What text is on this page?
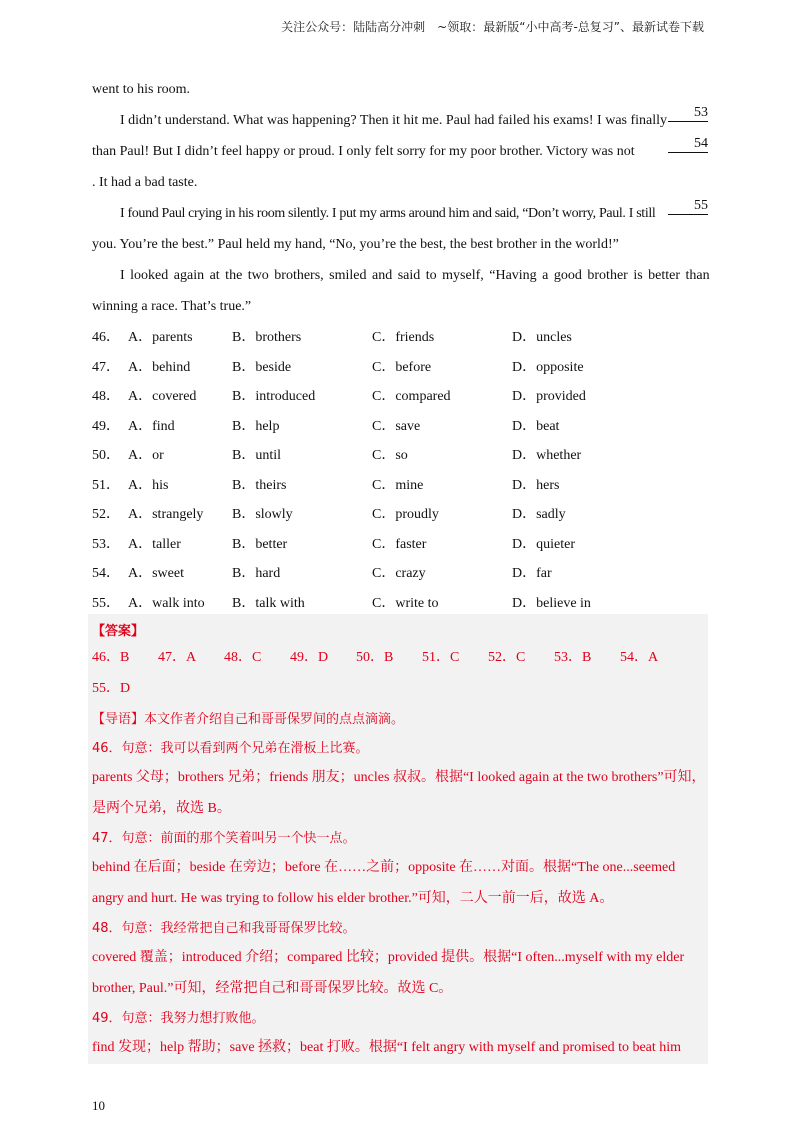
关注公众号：陆陆高分冲刺　~领取：最新版“小中高考-总复习”、最新试卷下载
went to his room.
I didn’t understand. What was happening? Then it hit me. Paul had failed his exams! I was finally
53
than Paul! But I didn’t feel happy or proud. I only felt sorry for my poor brother. Victory was not
54
. It had a bad taste.
I found Paul crying in his room silently. I put my arms around him and said, “Don’t worry, Paul. I still
55
you. You’re the best.” Paul held my hand, “No, you’re the best, the best brother in the world!”
I looked again at the two brothers, smiled and said to myself, “Having a good brother is better than
winning a race. That’s true.”
46． A．parents	B．brothers	C．friends	D．uncles
47． A．behind	B．beside	C．before	D．opposite
48． A．covered	B．introduced	C．compared	D．provided
49． A．find	B．help	C．save	D．beat
50． A．or	B．until	C．so	D．whether
51． A．his	B．theirs	C．mine	D．hers
52． A．strangely	B．slowly	C．proudly	D．sadly
53． A．taller	B．better	C．faster	D．quieter
54． A．sweet	B．hard	C．crazy	D．far
55． A．walk into	B．talk with	C．write to	D．believe in
【答案】
46．B	47．A	48．C	49．D	50．B	51．C	52．C	53．B	54．A
55．D
【导语】本文作者介绍自己和哥哥保罗间的点点滴滴。
46．句意：我可以看到两个兄弟在滑板上比赛。
parents 父母；brothers 兄弟；friends 朋友；uncles 叔叔。根据“I looked again at the two brothers”可知，
是两个兄弟，故选 B。
47．句意：前面的那个笑着叫另一个快一点。
behind 在后面；beside 在旁边；before 在……之前；opposite 在……对面。根据“The one...seemed
angry and hurt. He was trying to follow his elder brother.”可知，二人一前一后，故选 A。
48．句意：我经常把自己和我哥哥保罗比较。
covered 覆盖；introduced 介绍；compared 比较；provided 提供。根据“I often...myself with my elder
brother, Paul.”可知，经常把自己和哥哥保罗比较。故选 C。
49．句意：我努力想打败他。
find 发现；help 帮助；save 拯救；beat 打败。根据“I felt angry with myself and promised to beat him
10
